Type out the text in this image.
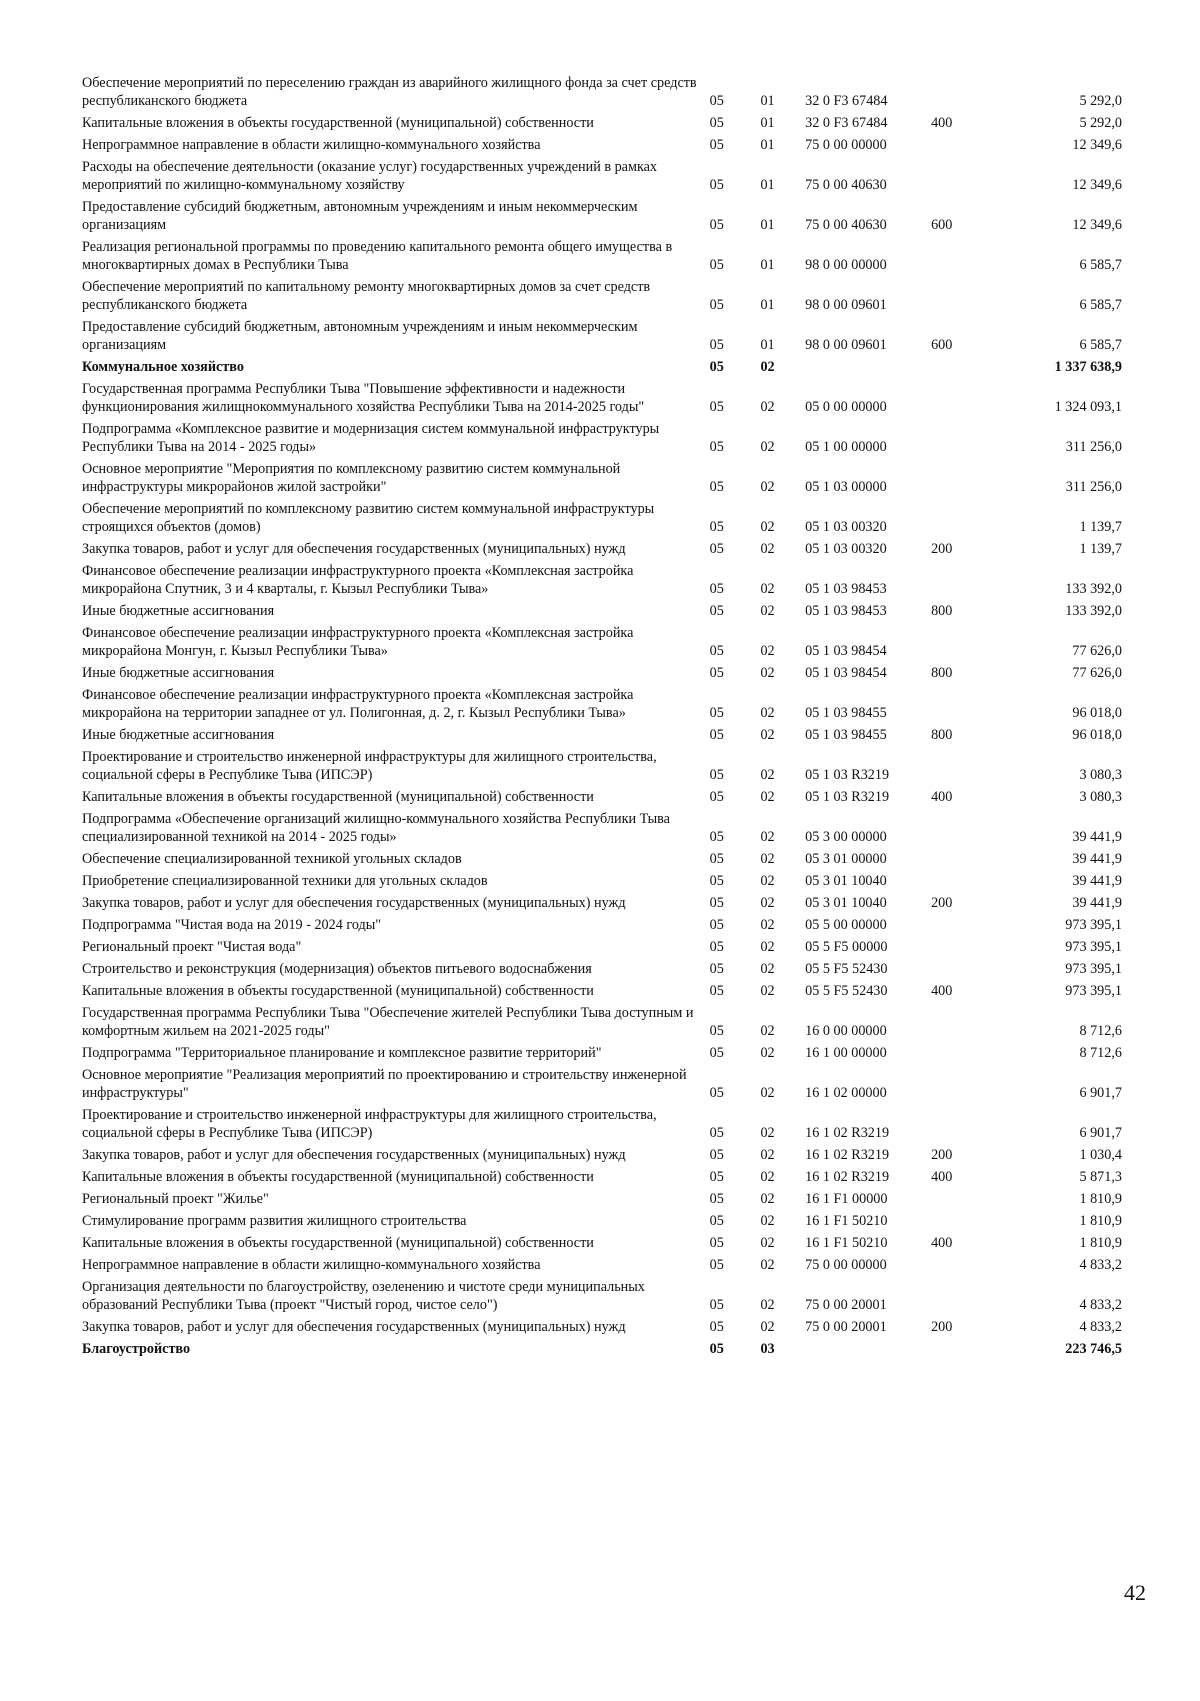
Обеспечение мероприятий по переселению граждан из аварийного жилищного фонда за счет средств республиканского бюджета	05	01	32 0 F3 67484		5 292,0
Капитальные вложения в объекты государственной (муниципальной) собственности	05	01	32 0 F3 67484	400	5 292,0
Непрограммное направление в области жилищно-коммунального хозяйства	05	01	75 0 00 00000		12 349,6
Расходы на обеспечение деятельности (оказание услуг) государственных учреждений в рамках мероприятий по жилищно-коммунальному хозяйству	05	01	75 0 00 40630		12 349,6
Предоставление субсидий бюджетным, автономным учреждениям и иным некоммерческим организациям	05	01	75 0 00 40630	600	12 349,6
Реализация региональной программы по проведению капитального ремонта общего имущества в многоквартирных домах в Республики Тыва	05	01	98 0 00 00000		6 585,7
Обеспечение мероприятий по капитальному ремонту многоквартирных домов за счет средств республиканского бюджета	05	01	98 0 00 09601		6 585,7
Предоставление субсидий бюджетным, автономным учреждениям и иным некоммерческим организациям	05	01	98 0 00 09601	600	6 585,7
Коммунальное хозяйство	05	02			1 337 638,9
Государственная программа Республики Тыва "Повышение эффективности и надежности функционирования жилищнокоммунального хозяйства Республики Тыва на 2014-2025 годы"	05	02	05 0 00 00000		1 324 093,1
Подпрограмма «Комплексное развитие и модернизация систем коммунальной инфраструктуры Республики Тыва на 2014 - 2025 годы»	05	02	05 1 00 00000		311 256,0
Основное мероприятие "Мероприятия по комплексному развитию систем коммунальной инфраструктуры микрорайонов жилой застройки"	05	02	05 1 03 00000		311 256,0
Обеспечение мероприятий по комплексному развитию систем коммунальной инфраструктуры строящихся объектов (домов)	05	02	05 1 03 00320		1 139,7
Закупка товаров, работ и услуг для обеспечения государственных (муниципальных) нужд	05	02	05 1 03 00320	200	1 139,7
Финансовое обеспечение реализации инфраструктурного проекта «Комплексная застройка микрорайона Спутник, 3 и 4 кварталы, г. Кызыл Республики Тыва»	05	02	05 1 03 98453		133 392,0
Иные бюджетные ассигнования	05	02	05 1 03 98453	800	133 392,0
Финансовое обеспечение реализации инфраструктурного проекта «Комплексная застройка микрорайона Монгун, г. Кызыл Республики Тыва»	05	02	05 1 03 98454		77 626,0
Иные бюджетные ассигнования	05	02	05 1 03 98454	800	77 626,0
Финансовое обеспечение реализации инфраструктурного проекта «Комплексная застройка микрорайона на территории западнее от ул. Полигонная, д. 2, г. Кызыл Республики Тыва»	05	02	05 1 03 98455		96 018,0
Иные бюджетные ассигнования	05	02	05 1 03 98455	800	96 018,0
Проектирование и строительство инженерной инфраструктуры для жилищного строительства, социальной сферы в Республике Тыва (ИПСЭР)	05	02	05 1 03 R3219		3 080,3
Капитальные вложения в объекты государственной (муниципальной) собственности	05	02	05 1 03 R3219	400	3 080,3
Подпрограмма «Обеспечение организаций жилищно-коммунального хозяйства Республики Тыва специализированной техникой на 2014 - 2025 годы»	05	02	05 3 00 00000		39 441,9
Обеспечение специализированной техникой угольных складов	05	02	05 3 01 00000		39 441,9
Приобретение специализированной техники для угольных складов	05	02	05 3 01 10040		39 441,9
Закупка товаров, работ и услуг для обеспечения государственных (муниципальных) нужд	05	02	05 3 01 10040	200	39 441,9
Подпрограмма "Чистая вода на 2019 - 2024 годы"	05	02	05 5 00 00000		973 395,1
Региональный проект "Чистая вода"	05	02	05 5 F5 00000		973 395,1
Строительство и реконструкция (модернизация) объектов питьевого водоснабжения	05	02	05 5 F5 52430		973 395,1
Капитальные вложения в объекты государственной (муниципальной) собственности	05	02	05 5 F5 52430	400	973 395,1
Государственная программа Республики Тыва "Обеспечение жителей Республики Тыва доступным и комфортным жильем на 2021-2025 годы"	05	02	16 0 00 00000		8 712,6
Подпрограмма "Территориальное планирование и комплексное развитие территорий"	05	02	16 1 00 00000		8 712,6
Основное мероприятие "Реализация мероприятий по проектированию и строительству инженерной инфраструктуры"	05	02	16 1 02 00000		6 901,7
Проектирование и строительство инженерной инфраструктуры для жилищного строительства, социальной сферы в Республике Тыва (ИПСЭР)	05	02	16 1 02 R3219		6 901,7
Закупка товаров, работ и услуг для обеспечения государственных (муниципальных) нужд	05	02	16 1 02 R3219	200	1 030,4
Капитальные вложения в объекты государственной (муниципальной) собственности	05	02	16 1 02 R3219	400	5 871,3
Региональный проект "Жилье"	05	02	16 1 F1 00000		1 810,9
Стимулирование программ развития жилищного строительства	05	02	16 1 F1 50210		1 810,9
Капитальные вложения в объекты государственной (муниципальной) собственности	05	02	16 1 F1 50210	400	1 810,9
Непрограммное направление в области жилищно-коммунального хозяйства	05	02	75 0 00 00000		4 833,2
Организация деятельности по благоустройству, озеленению и чистоте среди муниципальных образований Республики Тыва (проект "Чистый город, чистое село")	05	02	75 0 00 20001		4 833,2
Закупка товаров, работ и услуг для обеспечения государственных (муниципальных) нужд	05	02	75 0 00 20001	200	4 833,2
Благоустройство	05	03			223 746,5
42
